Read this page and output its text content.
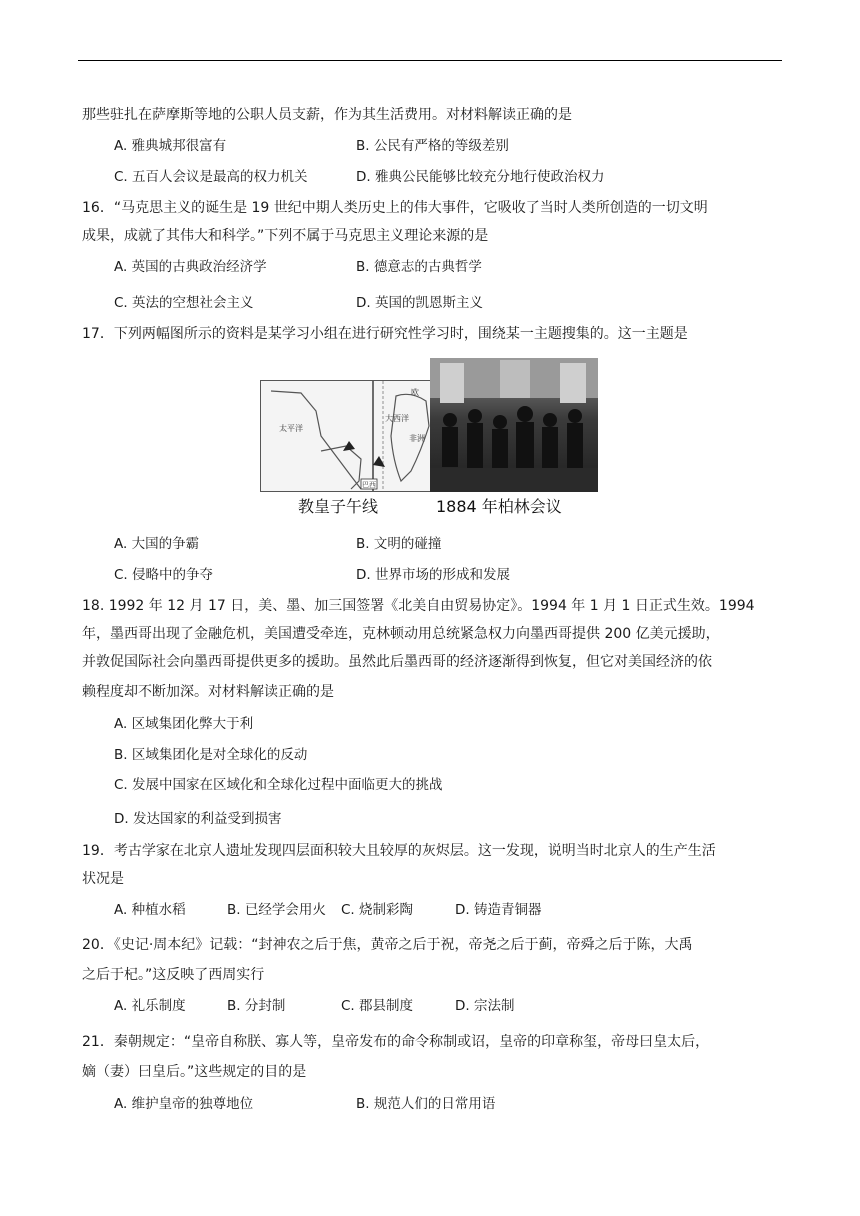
那些驻扎在萨摩斯等地的公职人员支薪，作为其生活费用。对材料解读正确的是
A. 雅典城邦很富有	B. 公民有严格的等级差别
C. 五百人会议是最高的权力机关	D. 雅典公民能够比较充分地行使政治权力
16．“马克思主义的诞生是 19 世纪中期人类历史上的伟大事件，它吸收了当时人类所创造的一切文明
成果，成就了其伟大和科学。”下列不属于马克思主义理论来源的是
A. 英国的古典政治经济学	B. 德意志的古典哲学
C. 英法的空想社会主义	D. 英国的凯恩斯主义
17．下列两幅图所示的资料是某学习小组在进行研究性学习时，围绕某一主题搜集的。这一主题是
太平洋
大西洋
非洲
欧
巴西
教皇子午线	1884 年柏林会议
A. 大国的争霸	B. 文明的碰撞
C. 侵略中的争夺	D. 世界市场的形成和发展
18. 1992 年 12 月 17 日，美、墨、加三国签署《北美自由贸易协定》。1994 年 1 月 1 日正式生效。1994
年，墨西哥出现了金融危机，美国遭受牵连，克林顿动用总统紧急权力向墨西哥提供 200 亿美元援助，
并敦促国际社会向墨西哥提供更多的援助。虽然此后墨西哥的经济逐渐得到恢复，但它对美国经济的依
赖程度却不断加深。对材料解读正确的是
A. 区域集团化弊大于利
B. 区域集团化是对全球化的反动
C. 发展中国家在区域化和全球化过程中面临更大的挑战
D. 发达国家的利益受到损害
19．考古学家在北京人遗址发现四层面积较大且较厚的灰烬层。这一发现，说明当时北京人的生产生活
状况是
A. 种植水稻	B. 已经学会用火 C. 烧制彩陶	D. 铸造青铜器
20．《史记·周本纪》记载：“封神农之后于焦，黄帝之后于祝，帝尧之后于蓟，帝舜之后于陈，大禹
之后于杞。”这反映了西周实行
A. 礼乐制度	B. 分封制	C. 郡县制度	D. 宗法制
21．秦朝规定：“皇帝自称朕、寡人等，皇帝发布的命令称制或诏，皇帝的印章称玺，帝母曰皇太后，
嫡（妻）曰皇后。”这些规定的目的是
A. 维护皇帝的独尊地位	B. 规范人们的日常用语
